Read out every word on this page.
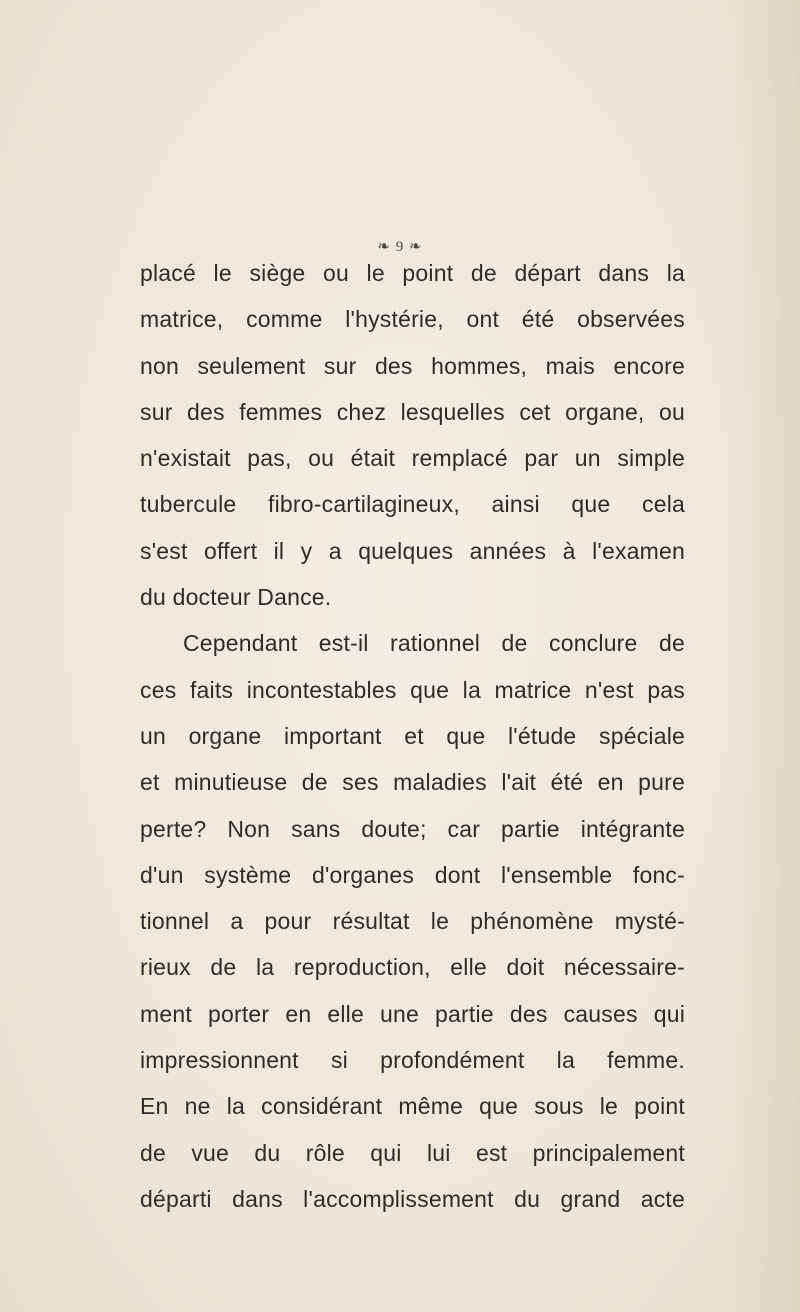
❧ 9 ❧
placé le siège ou le point de départ dans la
matrice, comme l'hystérie, ont été observées
non seulement sur des hommes, mais encore
sur des femmes chez lesquelles cet organe, ou
n'existait pas, ou était remplacé par un simple
tubercule fibro-cartilagineux, ainsi que cela
s'est offert il y a quelques années à l'examen
du docteur Dance.
Cependant est-il rationnel de conclure de
ces faits incontestables que la matrice n'est pas
un organe important et que l'étude spéciale
et minutieuse de ses maladies l'ait été en pure
perte? Non sans doute; car partie intégrante
d'un système d'organes dont l'ensemble fonc-
tionnel a pour résultat le phénomène mysté-
rieux de la reproduction, elle doit nécessaire-
ment porter en elle une partie des causes qui
impressionnent si profondément la femme.
En ne la considérant même que sous le point
de vue du rôle qui lui est principalement
départi dans l'accomplissement du grand acte
